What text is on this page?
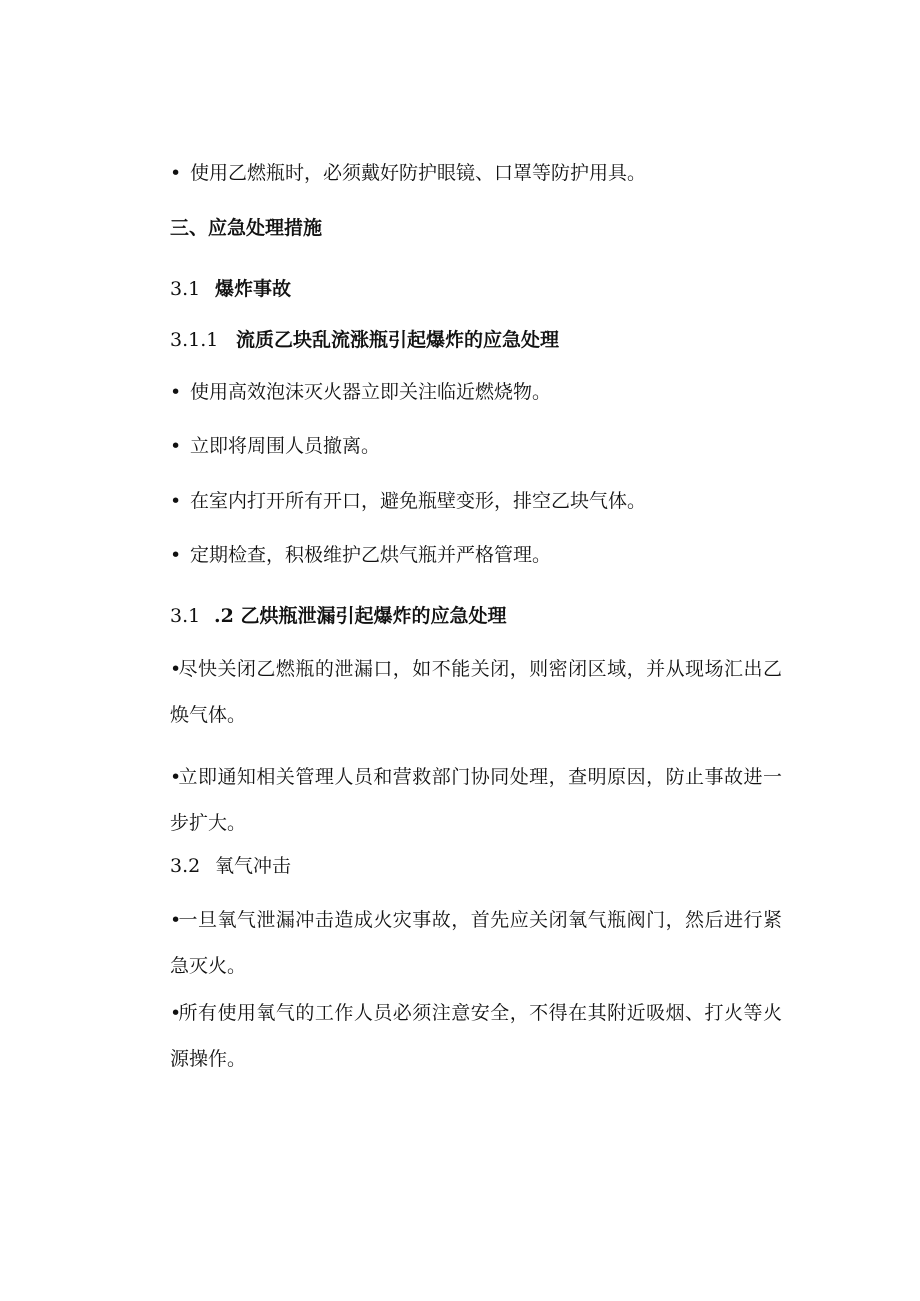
• 使用乙燃瓶时，必须戴好防护眼镜、口罩等防护用具。
三、应急处理措施
3.1 爆炸事故
3.1.1 流质乙块乱流涨瓶引起爆炸的应急处理
• 使用高效泡沫灭火器立即关注临近燃烧物。
• 立即将周围人员撤离。
• 在室内打开所有开口，避免瓶壁变形，排空乙块气体。
• 定期检查，积极维护乙烘气瓶并严格管理。
3.1 .2 乙烘瓶泄漏引起爆炸的应急处理
•尽快关闭乙燃瓶的泄漏口，如不能关闭，则密闭区域，并从现场汇出乙焕气体。
•立即通知相关管理人员和营救部门协同处理，查明原因，防止事故进一步扩大。
3.2 氧气冲击
•一旦氧气泄漏冲击造成火灾事故，首先应关闭氧气瓶阀门，然后进行紧急灭火。
•所有使用氧气的工作人员必须注意安全，不得在其附近吸烟、打火等火源操作。
